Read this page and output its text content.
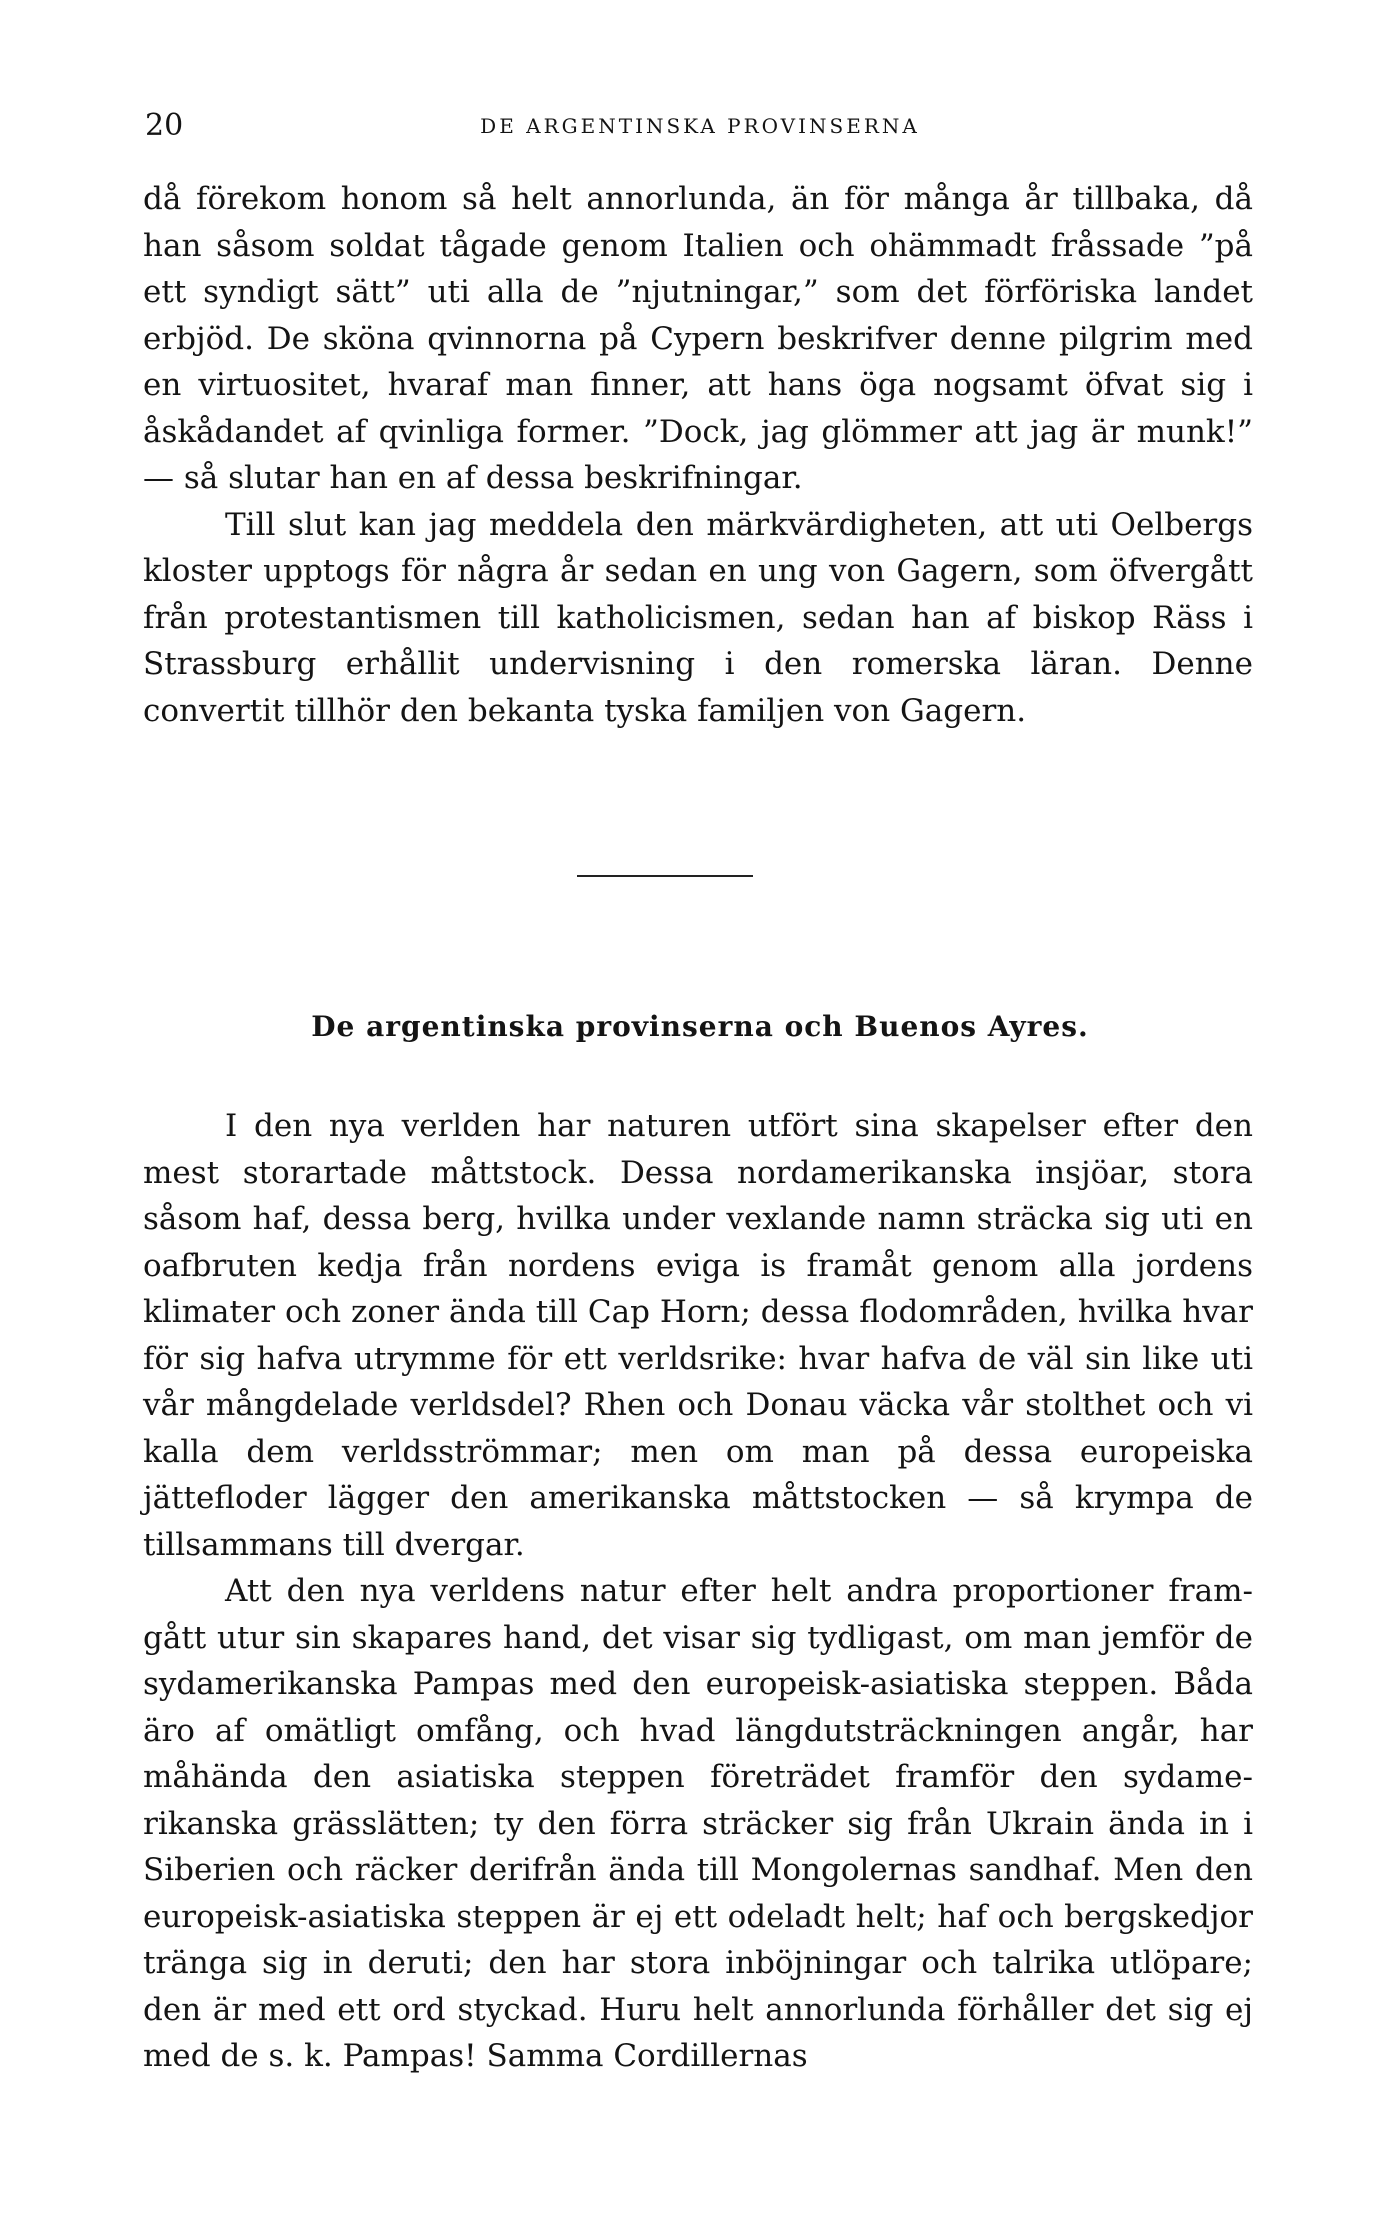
20	DE ARGENTINSKA PROVINSERNA

då förekom honom så helt annorlunda, än för många år tillbaka, då han såsom soldat tågade genom Italien och ohämmadt fråssade ”på ett syndigt sätt” uti alla de ”njutningar,” som det förföriska landet erbjöd. De sköna qvinnorna på Cypern beskrifver denne pilgrim med en virtuositet, hvaraf man finner, att hans öga nogsamt öfvat sig i åskådandet af qvinliga former. ”Dock, jag glömmer att jag är munk!” — så slutar han en af dessa beskrifningar.

Till slut kan jag meddela den märkvärdigheten, att uti Oelbergs kloster upptogs för några år sedan en ung von Gagern, som öfvergått från protestantismen till katholicismen, sedan han af biskop Räss i Strassburg erhållit undervisning i den romerska läran. Denne convertit tillhör den bekanta tyska familjen von Gagern.

De argentinska provinserna och Buenos Ayres.

I den nya verlden har naturen utfört sina skapelser efter den mest storartade måttstock. Dessa nordamerikanska insjöar, stora såsom haf, dessa berg, hvilka under vexlande namn sträcka sig uti en oafbruten kedja från nordens eviga is framåt genom alla jordens klimater och zoner ända till Cap Horn; dessa flodområden, hvilka hvar för sig hafva utrymme för ett verldsrike: hvar hafva de väl sin like uti vår mångdelade verldsdel? Rhen och Donau väcka vår stolthet och vi kalla dem verldsströmmar; men om man på dessa europeiska jättefloder lägger den amerikanska måttstocken — så krympa de tillsammans till dvergar.

Att den nya verldens natur efter helt andra proportioner framgått utur sin skapares hand, det visar sig tydligast, om man jemför de sydamerikanska Pampas med den europeisk-asiatiska steppen. Båda äro af omätligt omfång, och hvad längdutsträckningen angår, har måhända den asiatiska steppen företrädet framför den sydamerikanska grässlätten; ty den förra sträcker sig från Ukrain ända in i Siberien och räcker derifrån ända till Mongolernas sandhaf. Men den europeisk-asiatiska steppen är ej ett odeladt helt; haf och bergskedjor tränga sig in deruti; den har stora inböjningar och talrika utlöpare; den är med ett ord styckad. Huru helt annorlunda förhåller det sig ej med de s. k. Pampas! Samma Cordillernas
